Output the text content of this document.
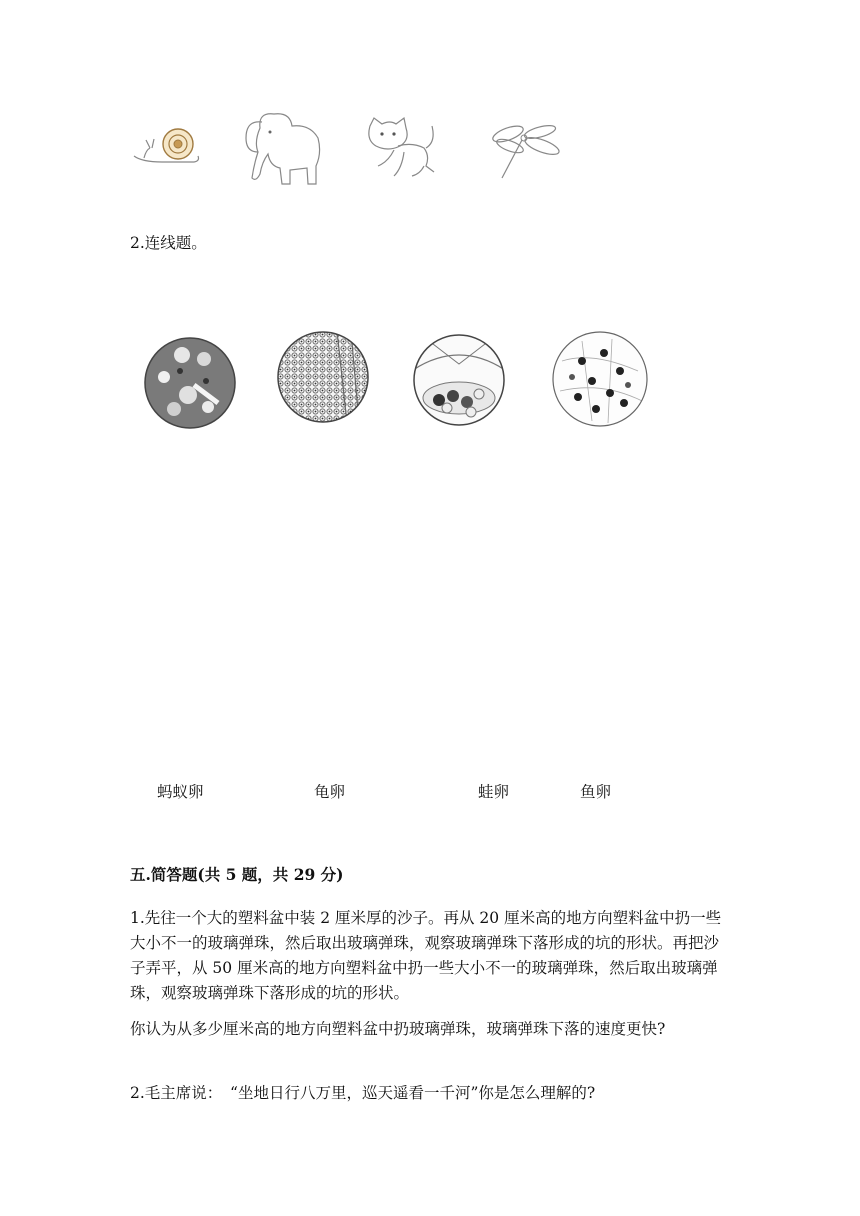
2.连线题。
蚂蚁卵	龟卵	蛙卵	鱼卵
五.简答题(共 5 题，共 29 分)
1.先往一个大的塑料盆中装 2 厘米厚的沙子。再从 20 厘米高的地方向塑料盆中扔一些大小不一的玻璃弹珠，然后取出玻璃弹珠，观察玻璃弹珠下落形成的坑的形状。再把沙子弄平，从 50 厘米高的地方向塑料盆中扔一些大小不一的玻璃弹珠，然后取出玻璃弹珠，观察玻璃弹珠下落形成的坑的形状。
你认为从多少厘米高的地方向塑料盆中扔玻璃弹珠，玻璃弹珠下落的速度更快?
2.毛主席说：　“坐地日行八万里，巡天遥看一千河”你是怎么理解的?
